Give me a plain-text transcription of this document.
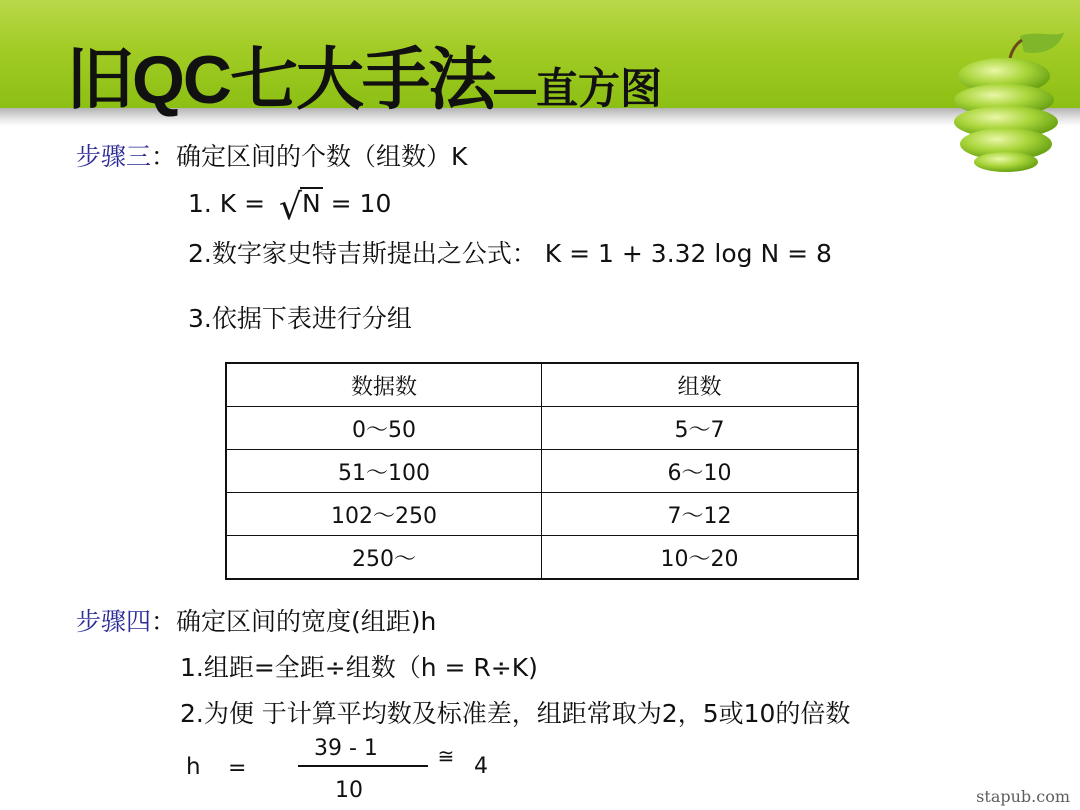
旧QC七大手法—直方图
步骤三：确定区间的个数（组数）K
1. K = √N = 10
2.数字家史特吉斯提出之公式： K = 1 + 3.32 log N = 8
3.依据下表进行分组
数据数	组数
0～50	5～7
51～100	6～10
102～250	7～12
250～	10～20
步骤四：确定区间的宽度(组距)h
1.组距=全距÷组数（h = R÷K)
2.为便 于计算平均数及标准差，组距常取为2，5或10的倍数
h =
39 - 1
10
≅ 4
stapub.com
